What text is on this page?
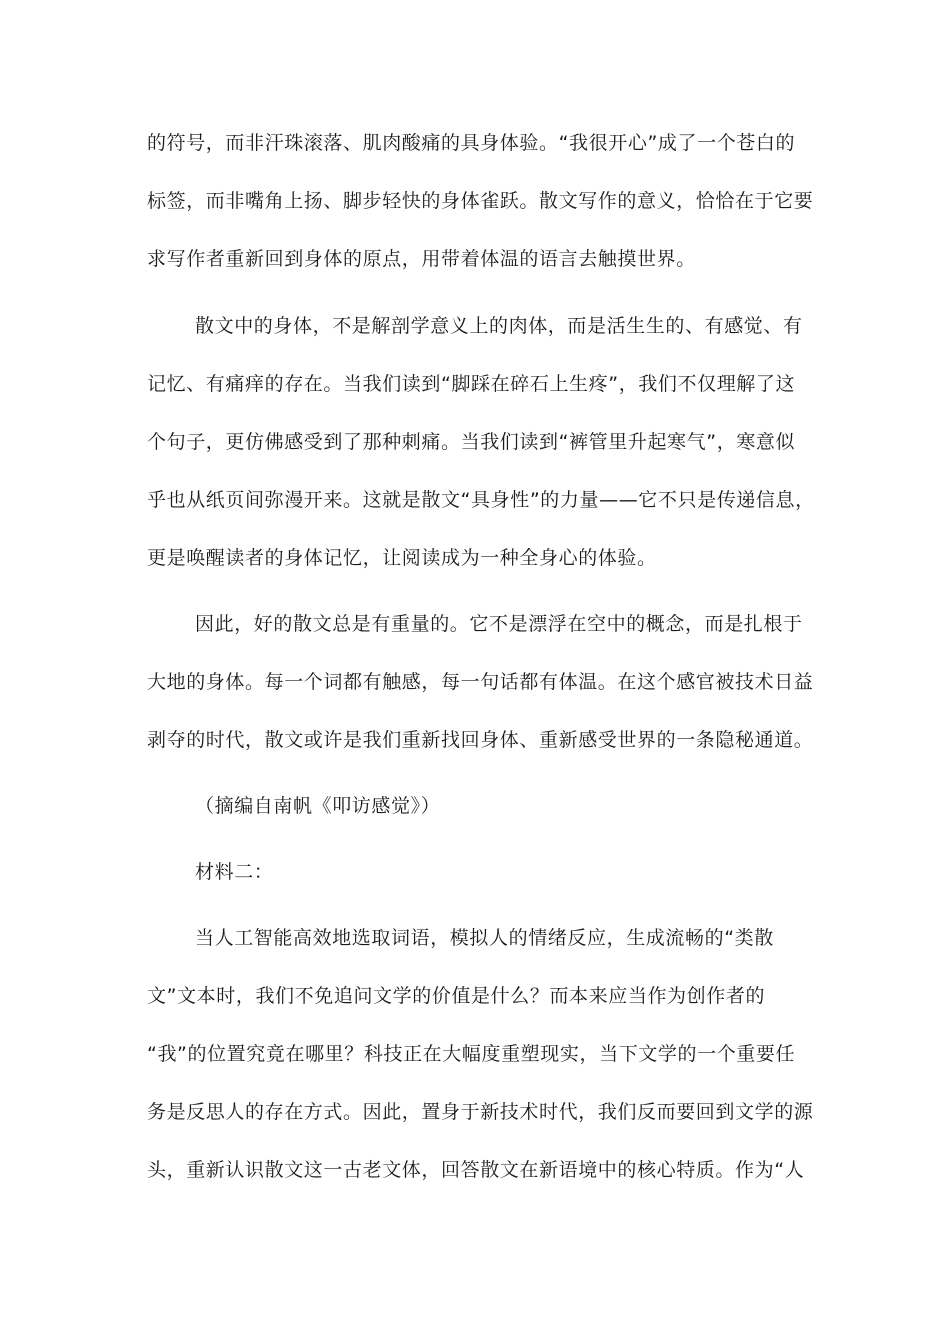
的符号，而非汗珠滚落、肌肉酸痛的具身体验。“我很开心”成了一个苍白的
标签，而非嘴角上扬、脚步轻快的身体雀跃。散文写作的意义，恰恰在于它要
求写作者重新回到身体的原点，用带着体温的语言去触摸世界。
散文中的身体，不是解剖学意义上的肉体，而是活生生的、有感觉、有
记忆、有痛痒的存在。当我们读到“脚踩在碎石上生疼”，我们不仅理解了这
个句子，更仿佛感受到了那种刺痛。当我们读到“裤管里升起寒气”，寒意似
乎也从纸页间弥漫开来。这就是散文“具身性”的力量——它不只是传递信息，
更是唤醒读者的身体记忆，让阅读成为一种全身心的体验。
因此，好的散文总是有重量的。它不是漂浮在空中的概念，而是扎根于
大地的身体。每一个词都有触感，每一句话都有体温。在这个感官被技术日益
剥夺的时代，散文或许是我们重新找回身体、重新感受世界的一条隐秘通道。
（摘编自南帆《叩访感觉》）
材料二：
当人工智能高效地选取词语，模拟人的情绪反应，生成流畅的“类散
文”文本时，我们不免追问文学的价值是什么？而本来应当作为创作者的
“我”的位置究竟在哪里？科技正在大幅度重塑现实，当下文学的一个重要任
务是反思人的存在方式。因此，置身于新技术时代，我们反而要回到文学的源
头，重新认识散文这一古老文体，回答散文在新语境中的核心特质。作为“人
